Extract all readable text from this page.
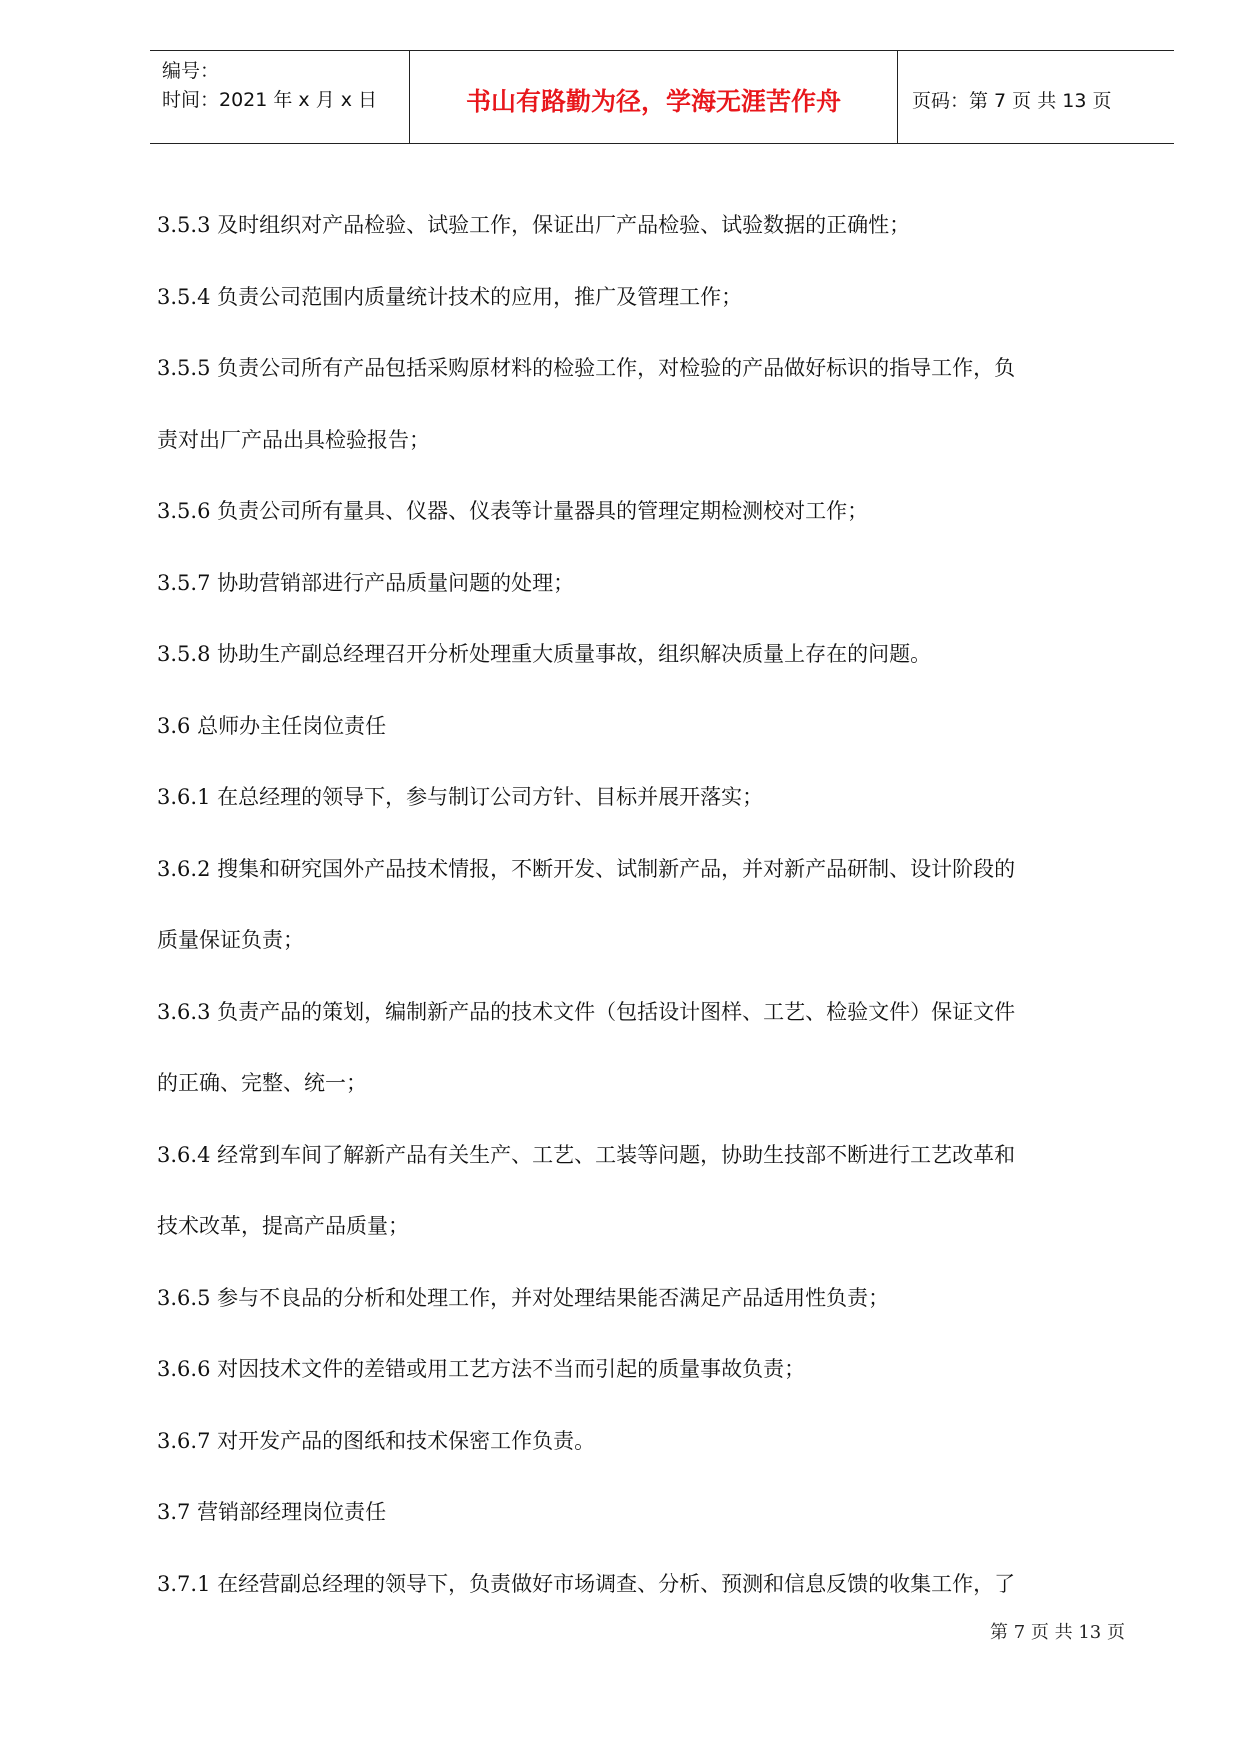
编号：
时间：2021 年 x 月 x 日	书山有路勤为径，学海无涯苦作舟	页码：第 7 页 共 13 页

3.5.3 及时组织对产品检验、试验工作，保证出厂产品检验、试验数据的正确性；

3.5.4 负责公司范围内质量统计技术的应用，推广及管理工作；

3.5.5 负责公司所有产品包括采购原材料的检验工作，对检验的产品做好标识的指导工作，负

责对出厂产品出具检验报告；

3.5.6 负责公司所有量具、仪器、仪表等计量器具的管理定期检测校对工作；

3.5.7 协助营销部进行产品质量问题的处理；

3.5.8 协助生产副总经理召开分析处理重大质量事故，组织解决质量上存在的问题。

3.6 总师办主任岗位责任

3.6.1 在总经理的领导下，参与制订公司方针、目标并展开落实；

3.6.2 搜集和研究国外产品技术情报，不断开发、试制新产品，并对新产品研制、设计阶段的

质量保证负责；

3.6.3 负责产品的策划，编制新产品的技术文件（包括设计图样、工艺、检验文件）保证文件

的正确、完整、统一；

3.6.4 经常到车间了解新产品有关生产、工艺、工装等问题，协助生技部不断进行工艺改革和

技术改革，提高产品质量；

3.6.5 参与不良品的分析和处理工作，并对处理结果能否满足产品适用性负责；

3.6.6 对因技术文件的差错或用工艺方法不当而引起的质量事故负责；

3.6.7 对开发产品的图纸和技术保密工作负责。

3.7 营销部经理岗位责任

3.7.1 在经营副总经理的领导下，负责做好市场调查、分析、预测和信息反馈的收集工作，了

第 7 页 共 13 页
